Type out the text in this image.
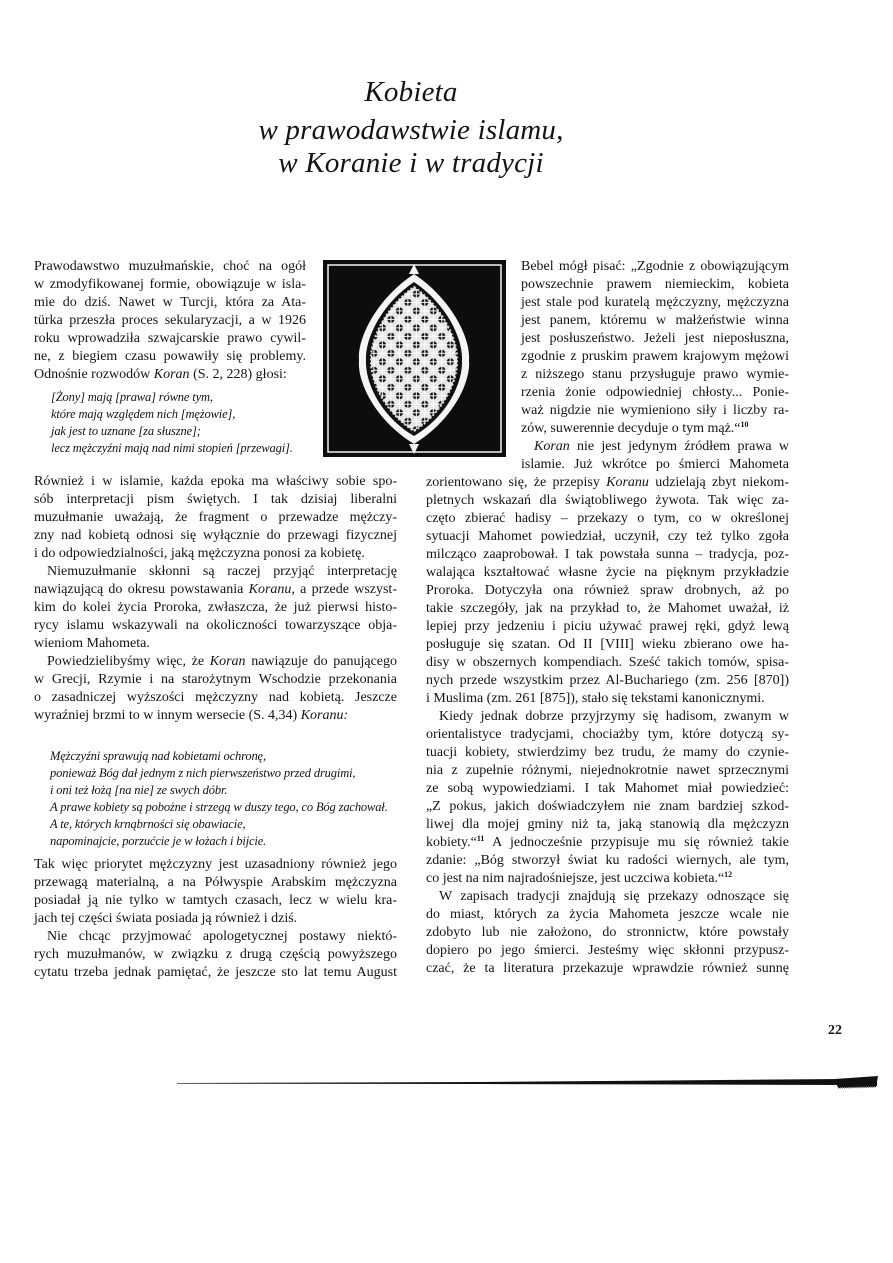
Kobieta
w prawodawstwie islamu,
w Koranie i w tradycji
Prawodawstwo muzułmańskie, choć na ogół
w zmodyfikowanej formie, obowiązuje w isla-
mie do dziś. Nawet w Turcji, która za Ata-
türka przeszła proces sekularyzacji, a w 1926
roku wprowadziła szwajcarskie prawo cywil-
ne, z biegiem czasu powawiły się problemy.
Odnośnie rozwodów Koran (S. 2, 228) głosi:
[Żony] mają [prawa] równe tym,
które mają względem nich [mężowie],
jak jest to uznane [za słuszne];
lecz mężczyźni mają nad nimi stopień [przewagi].
Bebel mógł pisać: „Zgodnie z obowiązującym
powszechnie prawem niemieckim, kobieta
jest stale pod kuratelą mężczyzny, mężczyzna
jest panem, któremu w małżeństwie winna
jest posłuszeństwo. Jeżeli jest nieposłuszna,
zgodnie z pruskim prawem krajowym mężowi
z niższego stanu przysługuje prawo wymie-
rzenia żonie odpowiedniej chłosty... Ponie-
waż nigdzie nie wymieniono siły i liczby ra-
zów, suwerennie decyduje o tym mąż.“$^{10}$
Koran nie jest jedynym źródłem prawa w
Również i w islamie, każda epoka ma właściwy sobie spo-
sób interpretacji pism świętych. I tak dzisiaj liberalni
muzułmanie uważają, że fragment o przewadze mężczy-
zny nad kobietą odnosi się wyłącznie do przewagi fizycznej
i do odpowiedzialności, jaką mężczyzna ponosi za kobietę.
Niemuzułmanie skłonni są raczej przyjąć interpretację
nawiązującą do okresu powstawania Koranu, a przede wszyst-
kim do kolei życia Proroka, zwłaszcza, że już pierwsi histo-
rycy islamu wskazywali na okoliczności towarzyszące obja-
wieniom Mahometa.
Powiedzielibyśmy więc, że Koran nawiązuje do panującego
w Grecji, Rzymie i na starożytnym Wschodzie przekonania
o zasadniczej wyższości mężczyzny nad kobietą. Jeszcze
wyraźniej brzmi to w innym wersecie (S. 4,34) Koranu:
Mężczyźni sprawują nad kobietami ochronę,
ponieważ Bóg dał jednym z nich pierwszeństwo przed drugimi,
i oni też łożą [na nie] ze swych dóbr.
A prawe kobiety są pobożne i strzegą w duszy tego, co Bóg zachował.
A te, których krnąbrności się obawiacie,
napominajcie, porzućcie je w łożach i bijcie.
Tak więc priorytet mężczyzny jest uzasadniony również jego
przewagą materialną, a na Półwyspie Arabskim mężczyzna
posiadał ją nie tylko w tamtych czasach, lecz w wielu kra-
jach tej części świata posiada ją również i dziś.
Nie chcąc przyjmować apologetycznej postawy niektó-
rych muzułmanów, w związku z drugą częścią powyższego
cytatu trzeba jednak pamiętać, że jeszcze sto lat temu August
islamie. Już wkrótce po śmierci Mahometa
zorientowano się, że przepisy Koranu udzielają zbyt niekom-
pletnych wskazań dla świątobliwego żywota. Tak więc za-
częto zbierać hadisy – przekazy o tym, co w określonej
sytuacji Mahomet powiedział, uczynił, czy też tylko zgoła
milcząco zaaprobował. I tak powstała sunna – tradycja, poz-
walająca kształtować własne życie na pięknym przykładzie
Proroka. Dotyczyła ona również spraw drobnych, aż po
takie szczegóły, jak na przykład to, że Mahomet uważał, iż
lepiej przy jedzeniu i piciu używać prawej ręki, gdyż lewą
posługuje się szatan. Od II [VIII] wieku zbierano owe ha-
disy w obszernych kompendiach. Sześć takich tomów, spisa-
nych przede wszystkim przez Al-Buchariego (zm. 256 [870])
i Muslima (zm. 261 [875]), stało się tekstami kanonicznymi.
Kiedy jednak dobrze przyjrzymy się hadisom, zwanym w
orientalistyce tradycjami, chociażby tym, które dotyczą sy-
tuacji kobiety, stwierdzimy bez trudu, że mamy do czynie-
nia z zupełnie różnymi, niejednokrotnie nawet sprzecznymi
ze sobą wypowiedziami. I tak Mahomet miał powiedzieć:
„Z pokus, jakich doświadczyłem nie znam bardziej szkod-
liwej dla mojej gminy niż ta, jaką stanowią dla mężczyzn
kobiety.“$^{11}$ A jednocześnie przypisuje mu się również takie
zdanie: „Bóg stworzył świat ku radości wiernych, ale tym,
co jest na nim najradośniejsze, jest uczciwa kobieta.“$^{12}$
W zapisach tradycji znajdują się przekazy odnoszące się
do miast, których za życia Mahometa jeszcze wcale nie
zdobyto lub nie założono, do stronnictw, które powstały
dopiero po jego śmierci. Jesteśmy więc skłonni przypusz-
czać, że ta literatura przekazuje wprawdzie również sunnę
22
